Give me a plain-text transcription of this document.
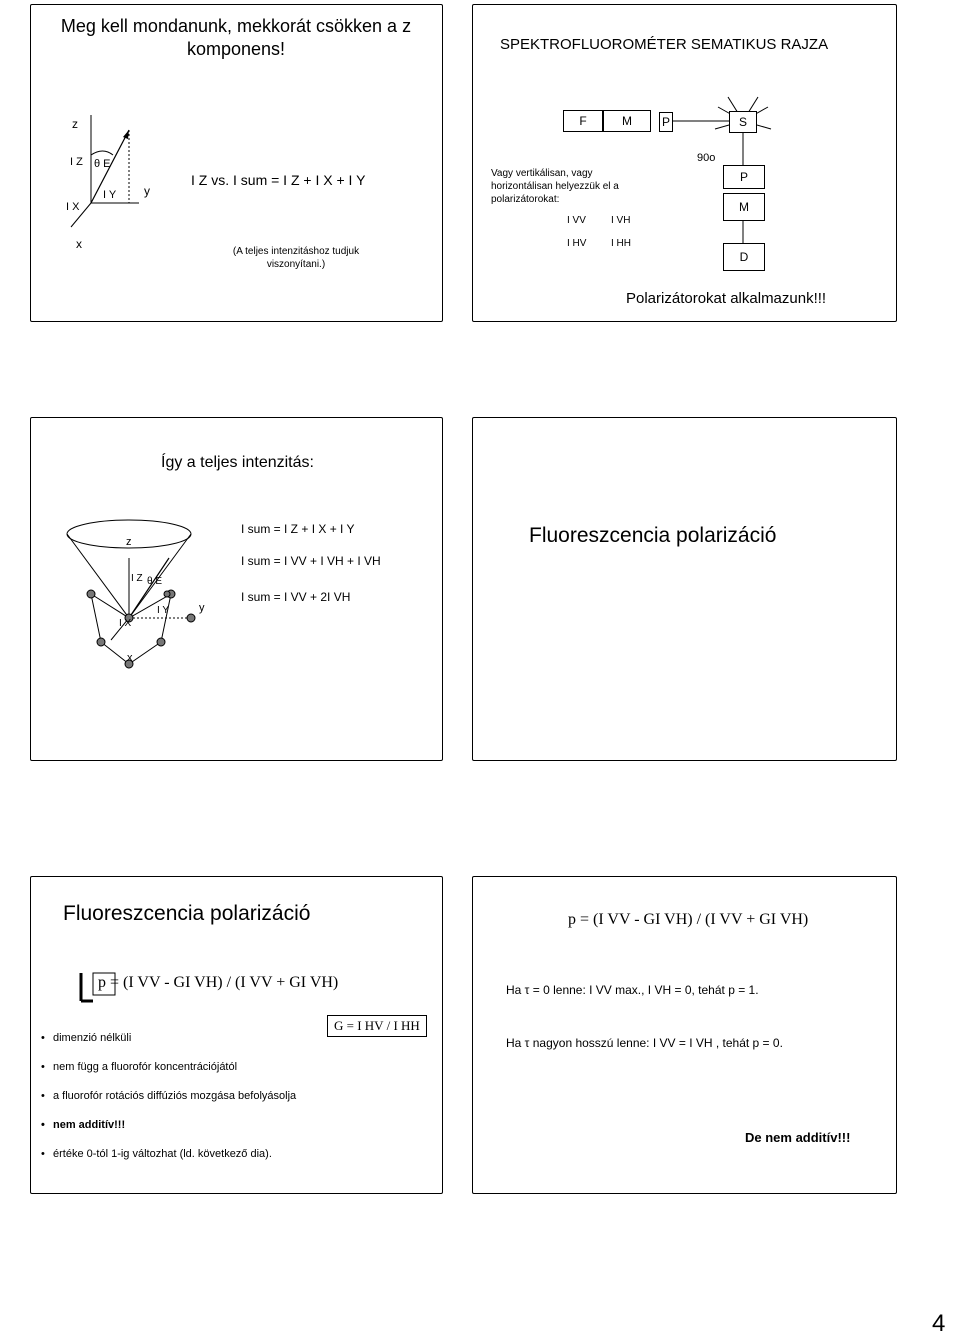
Meg kell mondanunk, mekkorát csökken a z komponens!
z
x
y
I Z θ E
I Y
I X
I Z vs. I sum = I Z + I X + I Y
(A teljes intenzitáshoz tudjuk viszonyítani.)
SPEKTROFLUOROMÉTER SEMATIKUS RAJZA
F	M	P	S
90o
P
M
D
Vagy vertikálisan, vagy horizontálisan helyezzük el a polarizátorokat:
I VV	I VH
I HV I HH
Polarizátorokat alkalmazunk!!!
Így a teljes intenzitás:
z
x
y
I Z θ E
I Y
I X
I sum = I Z + I X + I Y
I sum = I VV + I VH + I VH
I sum = I VV + 2I VH
Fluoreszcencia polarizáció
Fluoreszcencia polarizáció
p = (I VV - GI VH) / (I VV + GI VH)
G = I HV / I HH
• dimenzió nélküli
• nem függ a fluorofór koncentrációjától
• a fluorofór rotációs diffúziós mozgása befolyásolja
• nem additív!!!
• értéke 0-tól 1-ig változhat (ld. következő dia).
p = (I VV - GI VH) / (I VV + GI VH)
Ha τ = 0 lenne: I VV max., I VH = 0, tehát p = 1.
Ha τ nagyon hosszú lenne: I VV = I VH , tehát p = 0.
De nem additív!!!
4
